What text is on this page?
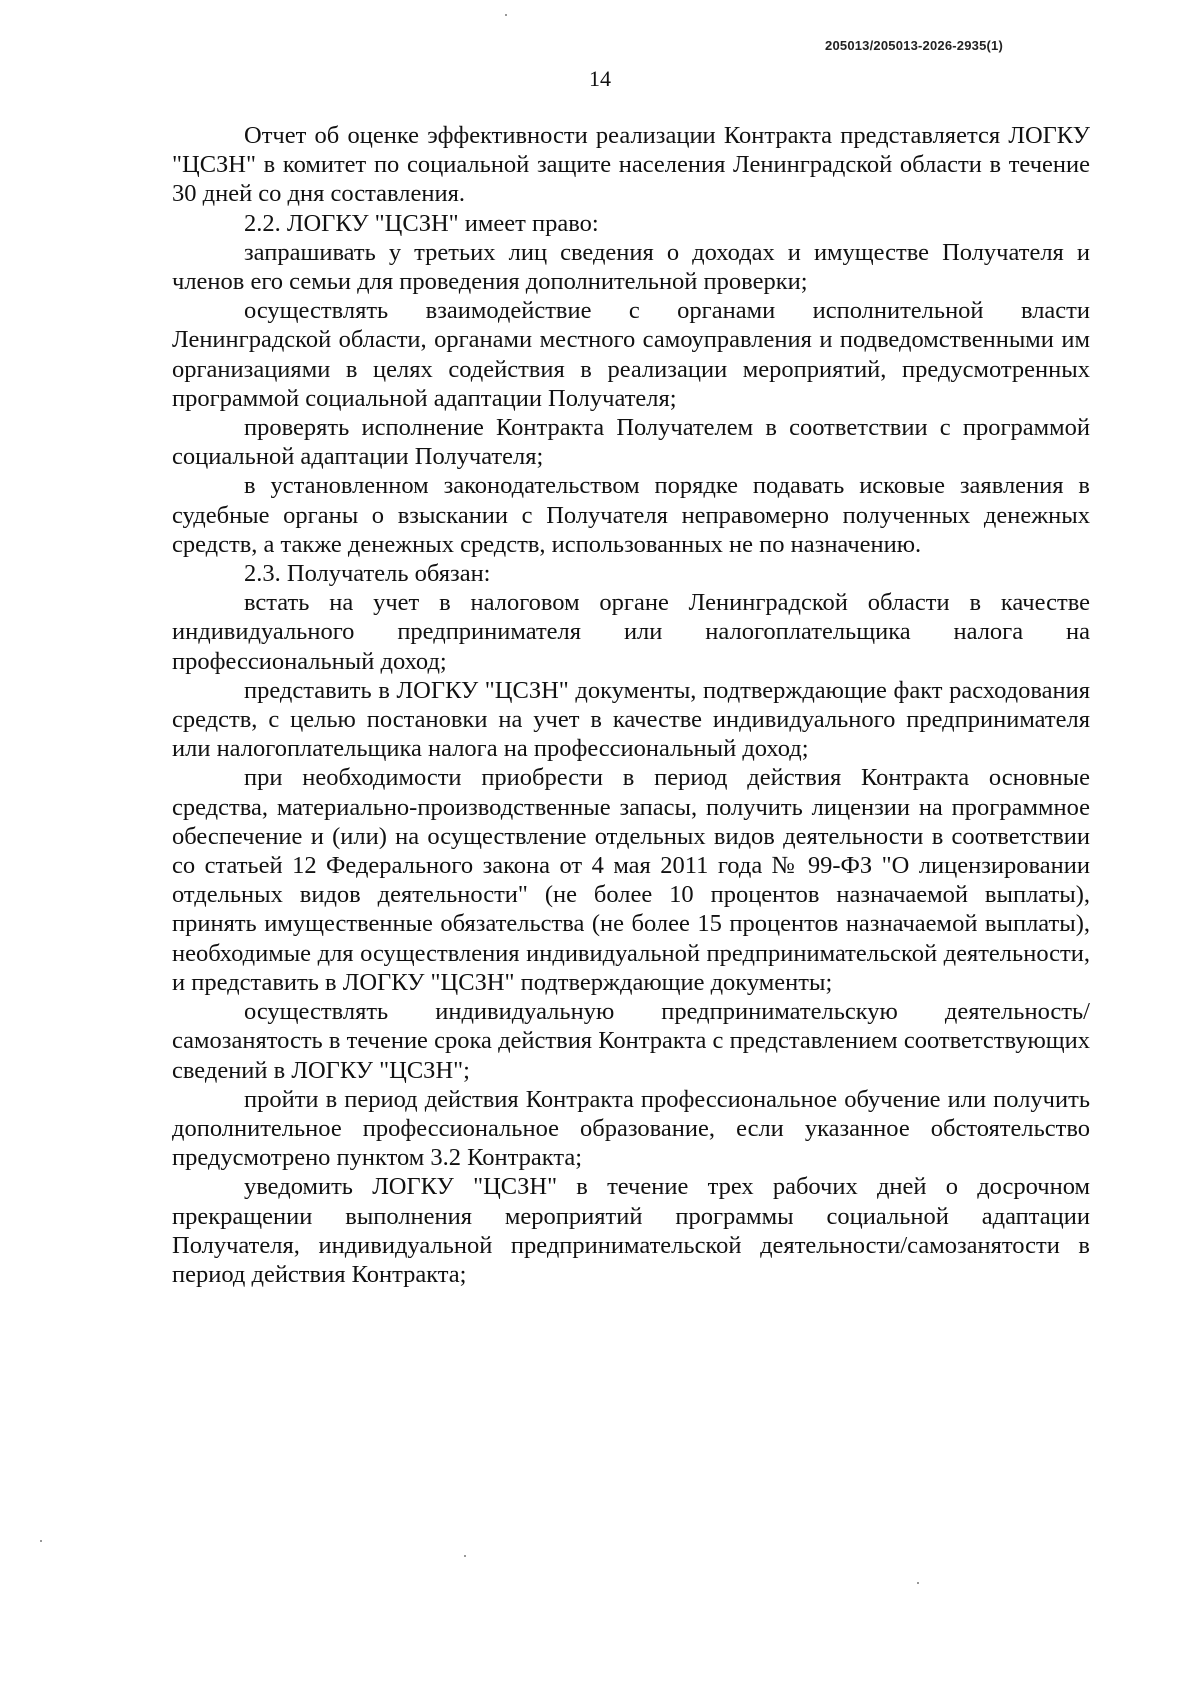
205013/205013-2026-2935(1)
14

Отчет об оценке эффективности реализации Контракта представляется ЛОГКУ "ЦСЗН" в комитет по социальной защите населения Ленинградской области в течение 30 дней со дня составления.

2.2. ЛОГКУ "ЦСЗН" имеет право:

запрашивать у третьих лиц сведения о доходах и имуществе Получателя и членов его семьи для проведения дополнительной проверки;

осуществлять взаимодействие с органами исполнительной власти Ленинградской области, органами местного самоуправления и подведомственными им организациями в целях содействия в реализации мероприятий, предусмотренных программой социальной адаптации Получателя;

проверять исполнение Контракта Получателем в соответствии с программой социальной адаптации Получателя;

в установленном законодательством порядке подавать исковые заявления в судебные органы о взыскании с Получателя неправомерно полученных денежных средств, а также денежных средств, использованных не по назначению.

2.3. Получатель обязан:

встать на учет в налоговом органе Ленинградской области в качестве индивидуального предпринимателя или налогоплательщика налога на профессиональный доход;

представить в ЛОГКУ "ЦСЗН" документы, подтверждающие факт расходования средств, с целью постановки на учет в качестве индивидуального предпринимателя или налогоплательщика налога на профессиональный доход;

при необходимости приобрести в период действия Контракта основные средства, материально-производственные запасы, получить лицензии на программное обеспечение и (или) на осуществление отдельных видов деятельности в соответствии со статьей 12 Федерального закона от 4 мая 2011 года № 99-ФЗ "О лицензировании отдельных видов деятельности" (не более 10 процентов назначаемой выплаты), принять имущественные обязательства (не более 15 процентов назначаемой выплаты), необходимые для осуществления индивидуальной предпринимательской деятельности, и представить в ЛОГКУ "ЦСЗН" подтверждающие документы;

осуществлять индивидуальную предпринимательскую деятельность/ самозанятость в течение срока действия Контракта с представлением соответствующих сведений в ЛОГКУ "ЦСЗН";

пройти в период действия Контракта профессиональное обучение или получить дополнительное профессиональное образование, если указанное обстоятельство предусмотрено пунктом 3.2 Контракта;

уведомить ЛОГКУ "ЦСЗН" в течение трех рабочих дней о досрочном прекращении выполнения мероприятий программы социальной адаптации Получателя, индивидуальной предпринимательской деятельности/самозанятости в период действия Контракта;
